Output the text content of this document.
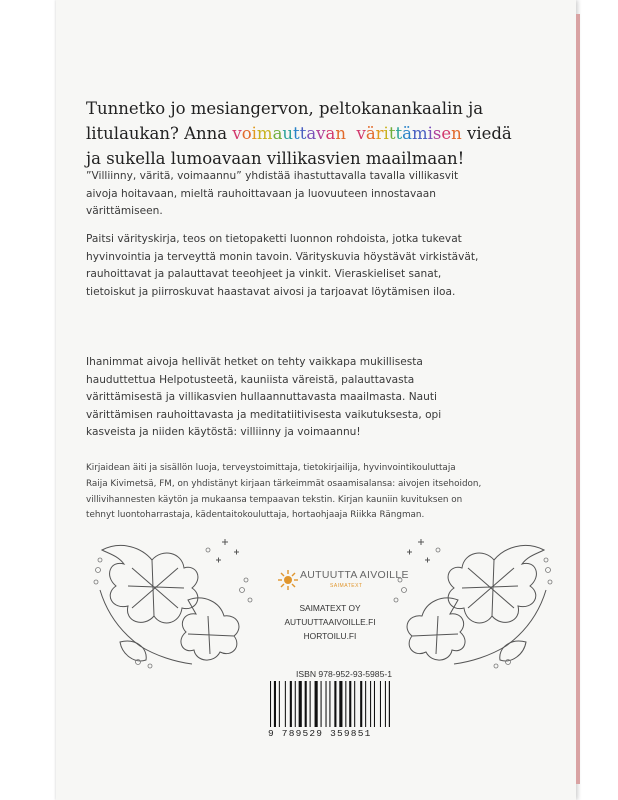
Tunnetko jo mesiangervon, peltokanankaalin ja
litulaukan? Anna voimauttavan värittämisen viedä
ja sukella lumoavaan villikasvien maailmaan!
”Villiinny, väritä, voimaannu” yhdistää ihastuttavalla tavalla villikasvit
aivoja hoitavaan, mieltä rauhoittavaan ja luovuuteen innostavaan
värittämiseen.
Paitsi värityskirja, teos on tietopaketti luonnon rohdoista, jotka tukevat
hyvinvointia ja terveyttä monin tavoin. Värityskuvia höystävät virkistävät,
rauhoittavat ja palauttavat teeohjeet ja vinkit. Vieraskieliset sanat,
tietoiskut ja piirroskuvat haastavat aivosi ja tarjoavat löytämisen iloa.
Ihanimmat aivoja hellivät hetket on tehty vaikkapa mukillisesta
hauduttettua Helpotusteetä, kauniista väreistä, palauttavasta
värittämisestä ja villikasvien hullaannuttavasta maailmasta. Nauti
värittämisen rauhoittavasta ja meditatiitivisesta vaikutuksesta, opi
kasveista ja niiden käytöstä: villiinny ja voimaannu!
Kirjaidean äiti ja sisällön luoja, terveystoimittaja, tietokirjailija, hyvinvointikouluttaja
Raija Kivimetsä, FM, on yhdistänyt kirjaan tärkeimmät osaamisalansa: aivojen itsehoidon,
villivihannesten käytön ja mukaansa tempaavan tekstin. Kirjan kauniin kuvituksen on
tehnyt luontoharrastaja, kädentaitokouluttaja, hortaohjaaja Riikka Rängman.
AUTUUTTA AIVOILLE
SAIMATEXT
SAIMATEXT OY
AUTUUTTAAIVOILLE.FI
HORTOILU.FI
ISBN 978-952-93-5985-1
9 789529 359851
